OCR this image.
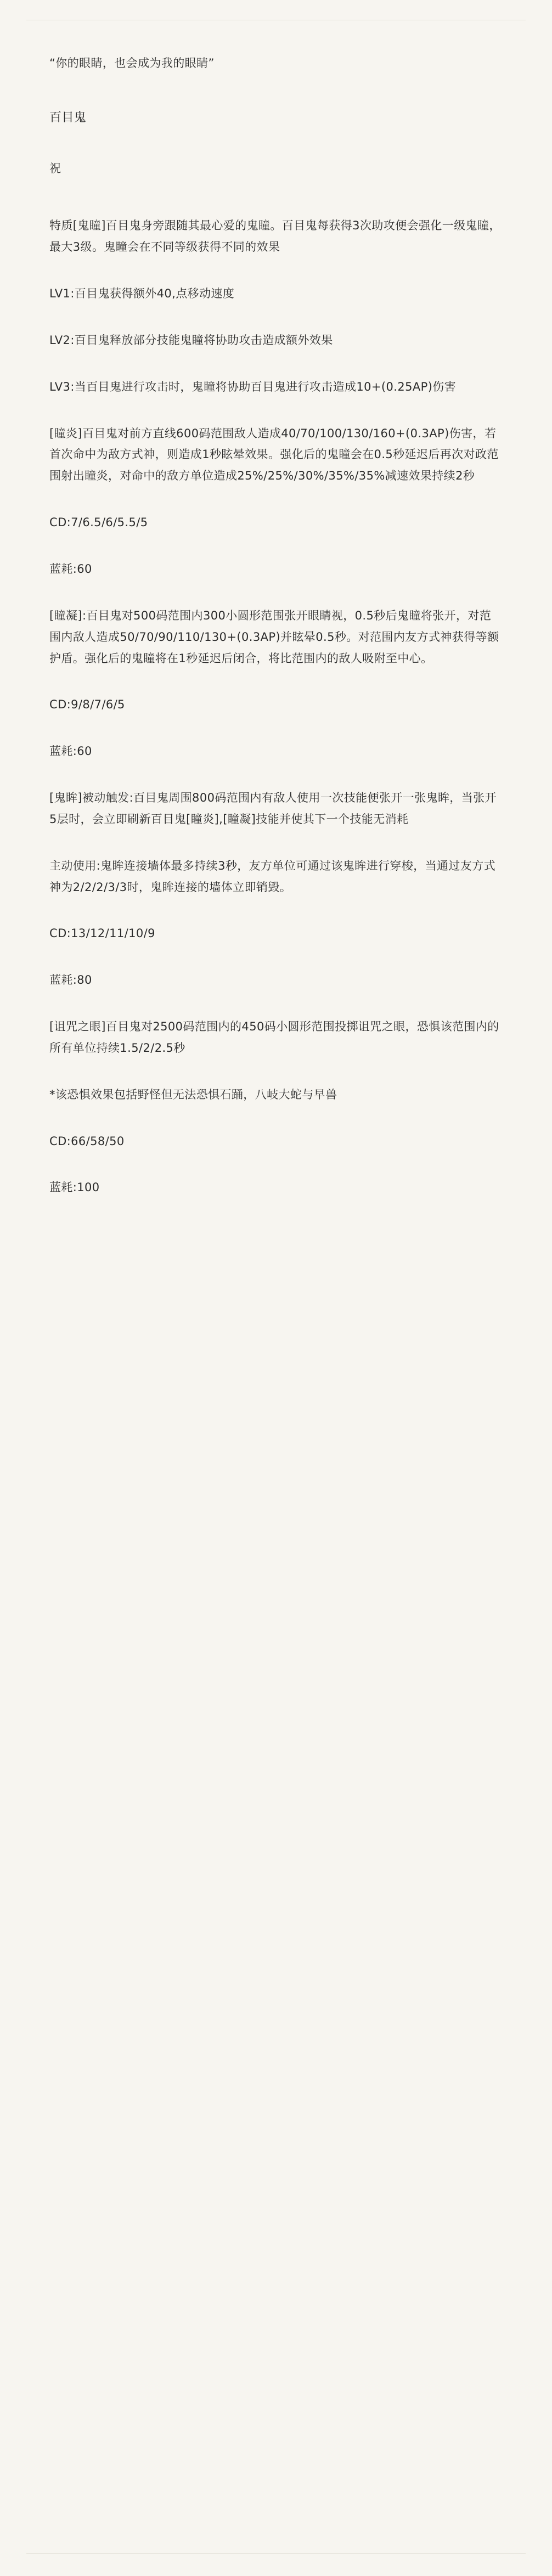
“你的眼睛，也会成为我的眼睛”

百目鬼

祝

特质[鬼瞳]百目鬼身旁跟随其最心爱的鬼瞳。百目鬼每获得3次助攻便会强化一级鬼瞳，最大3级。鬼瞳会在不同等级获得不同的效果

LV1:百目鬼获得额外40,点移动速度

LV2:百目鬼释放部分技能鬼瞳将协助攻击造成额外效果

LV3:当百目鬼进行攻击时，鬼瞳将协助百目鬼进行攻击造成10+(0.25AP)伤害

[瞳炎]百目鬼对前方直线600码范围敌人造成40/70/100/130/160+(0.3AP)伤害，若首次命中为敌方式神，则造成1秒眩晕效果。强化后的鬼瞳会在0.5秒延迟后再次对政范围射出瞳炎，对命中的敌方单位造成25%/25%/30%/35%/35%减速效果持续2秒

CD:7/6.5/6/5.5/5

蓝耗:60

[瞳凝]:百目鬼对500码范围内300小圆形范围张开眼睛视，0.5秒后鬼瞳将张开，对范围内敌人造成50/70/90/110/130+(0.3AP)并眩晕0.5秒。对范围内友方式神获得等额护盾。强化后的鬼瞳将在1秒延迟后闭合，将比范围内的敌人吸附至中心。

CD:9/8/7/6/5

蓝耗:60

[鬼眸]被动触发:百目鬼周围800码范围内有敌人使用一次技能便张开一张鬼眸，当张开5层时，会立即刷新百目鬼[瞳炎],[瞳凝]技能并使其下一个技能无消耗

主动使用:鬼眸连接墙体最多持续3秒，友方单位可通过该鬼眸进行穿梭，当通过友方式神为2/2/2/3/3时，鬼眸连接的墙体立即销毁。

CD:13/12/11/10/9

蓝耗:80

[诅咒之眼]百目鬼对2500码范围内的450码小圆形范围投掷诅咒之眼，恐惧该范围内的所有单位持续1.5/2/2.5秒

*该恐惧效果包括野怪但无法恐惧石踊，八岐大蛇与早兽

CD:66/58/50

蓝耗:100
